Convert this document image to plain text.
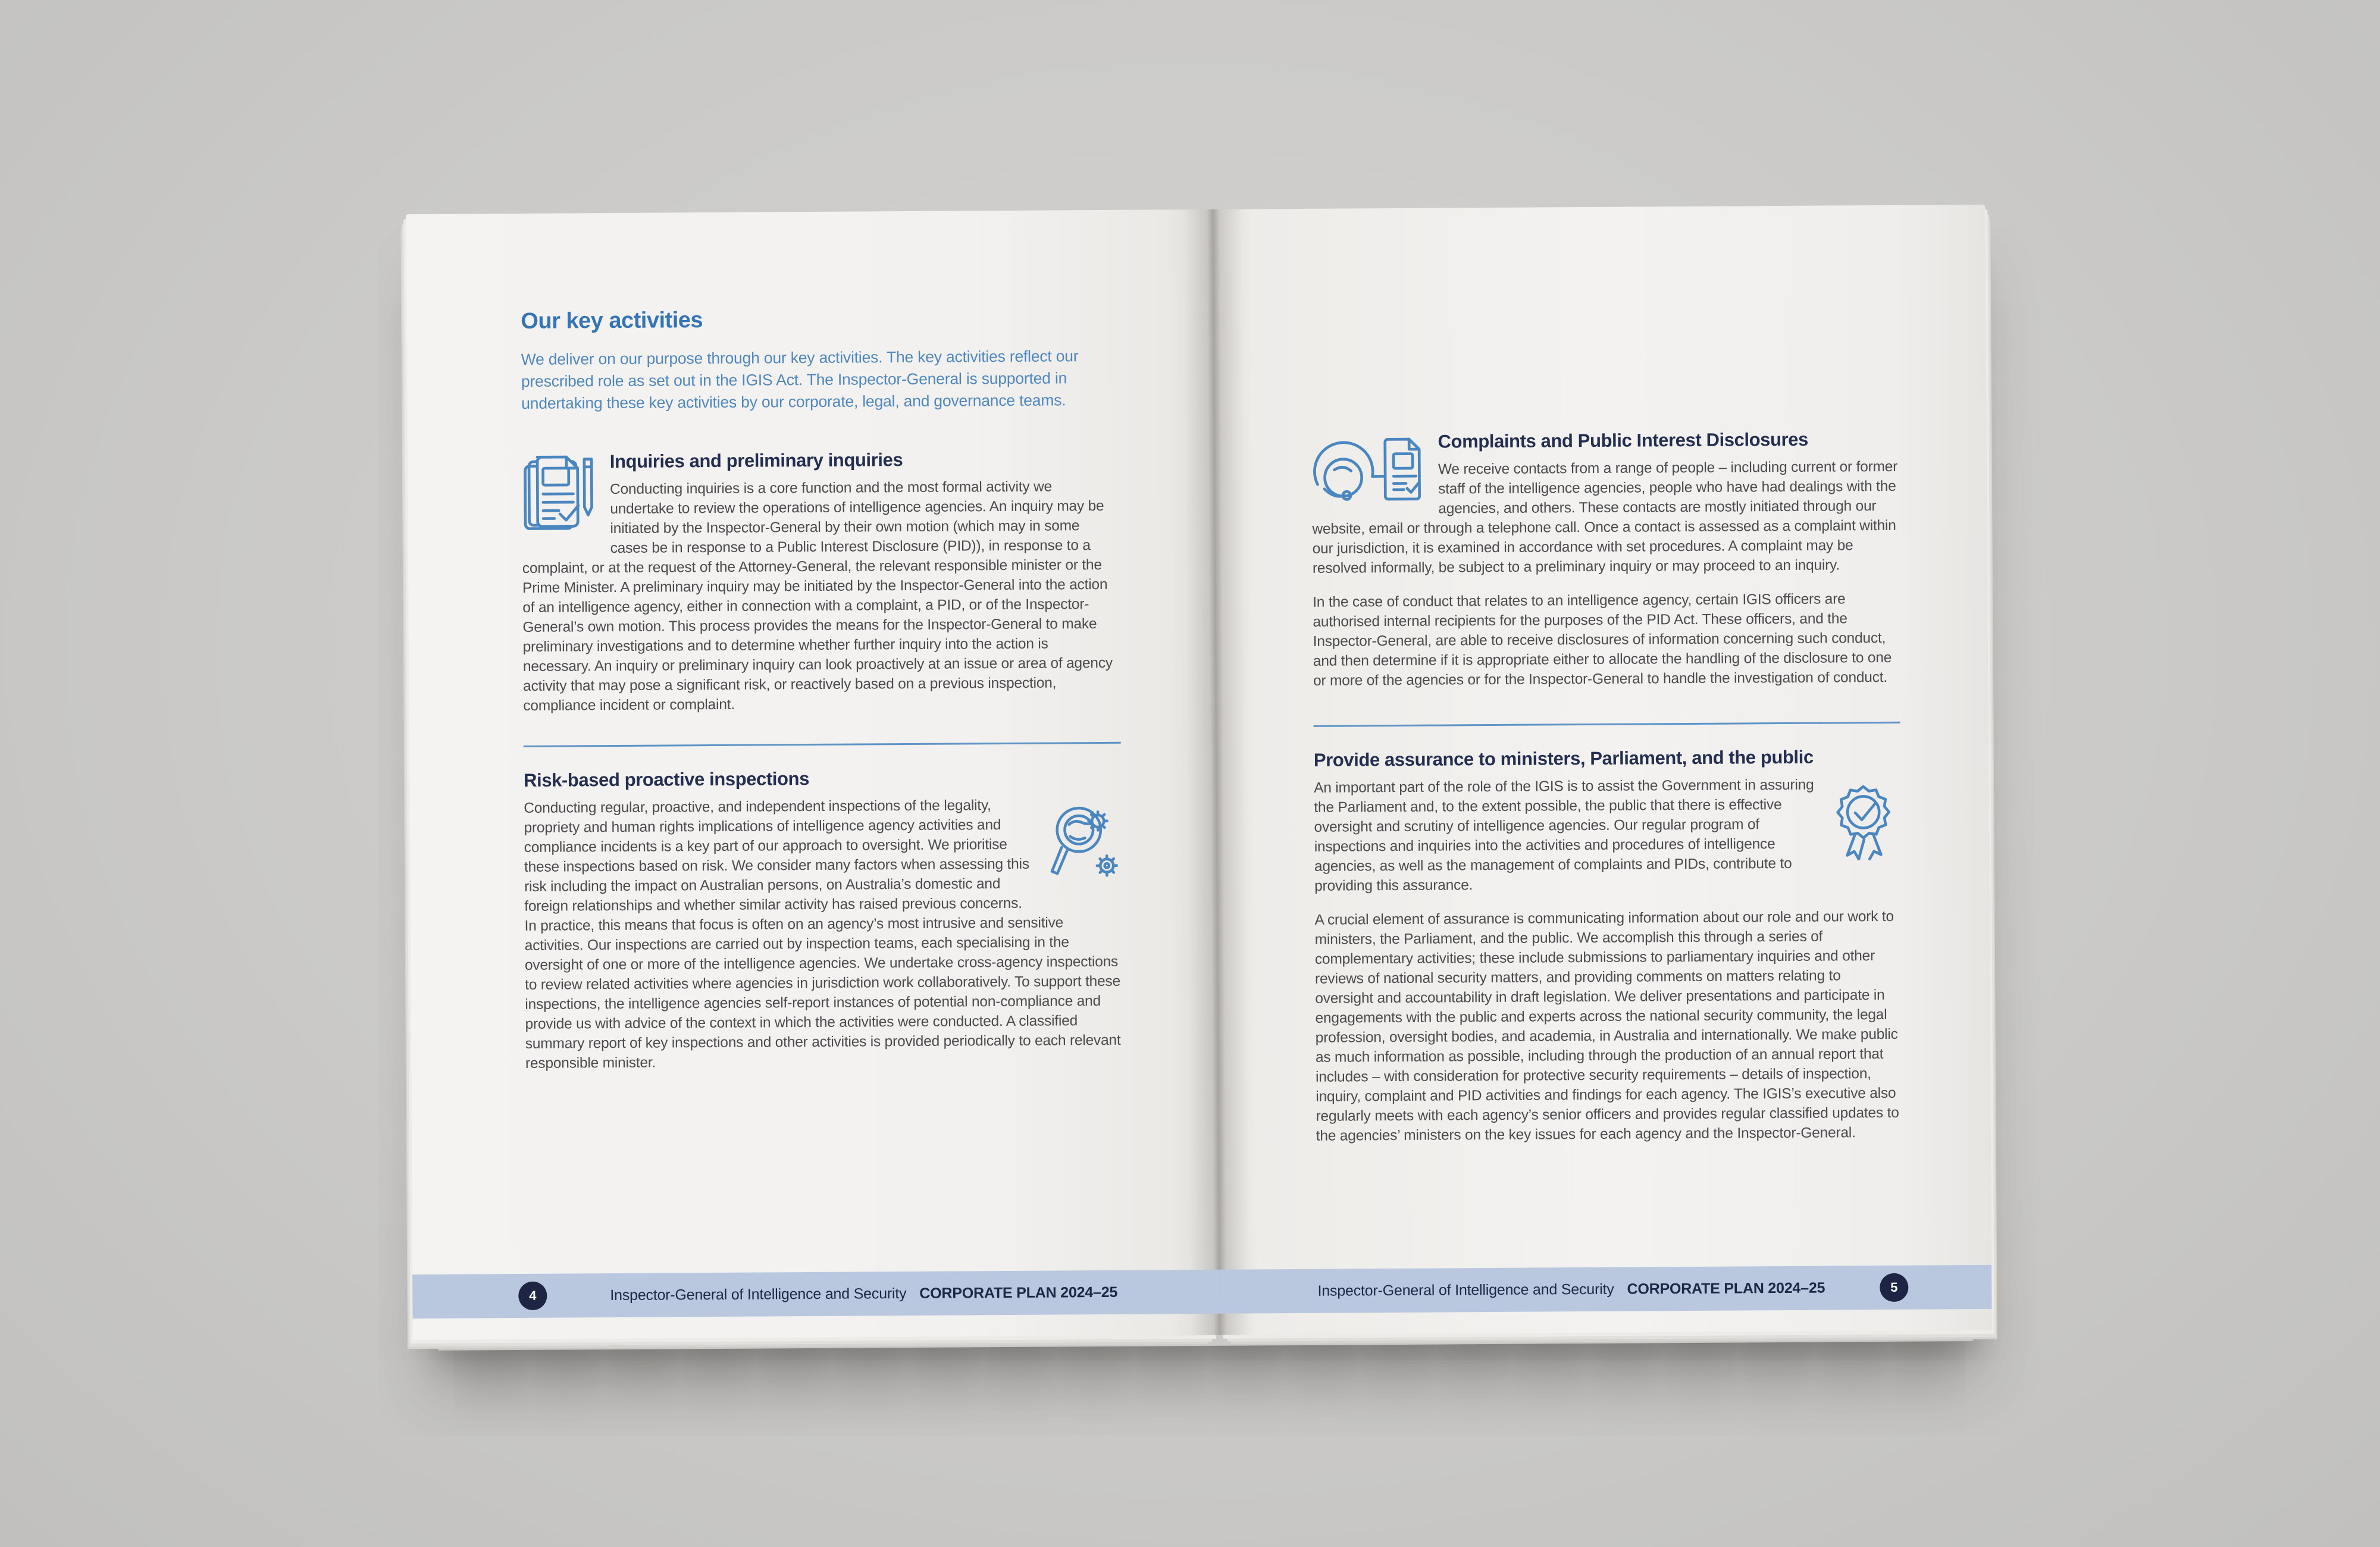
Our key activities

We deliver on our purpose through our key activities. The key activities reflect our prescribed role as set out in the IGIS Act. The Inspector-General is supported in undertaking these key activities by our corporate, legal, and governance teams.

Inquiries and preliminary inquiries

Conducting inquiries is a core function and the most formal activity we undertake to review the operations of intelligence agencies. An inquiry may be initiated by the Inspector-General by their own motion (which may in some cases be in response to a Public Interest Disclosure (PID)), in response to a complaint, or at the request of the Attorney-General, the relevant responsible minister or the Prime Minister. A preliminary inquiry may be initiated by the Inspector-General into the action of an intelligence agency, either in connection with a complaint, a PID, or of the Inspector-General’s own motion. This process provides the means for the Inspector-General to make preliminary investigations and to determine whether further inquiry into the action is necessary. An inquiry or preliminary inquiry can look proactively at an issue or area of agency activity that may pose a significant risk, or reactively based on a previous inspection, compliance incident or complaint.

Risk-based proactive inspections

Conducting regular, proactive, and independent inspections of the legality, propriety and human rights implications of intelligence agency activities and compliance incidents is a key part of our approach to oversight. We prioritise these inspections based on risk. We consider many factors when assessing this risk including the impact on Australian persons, on Australia’s domestic and foreign relationships and whether similar activity has raised previous concerns. In practice, this means that focus is often on an agency’s most intrusive and sensitive activities. Our inspections are carried out by inspection teams, each specialising in the oversight of one or more of the intelligence agencies. We undertake cross-agency inspections to review related activities where agencies in jurisdiction work collaboratively. To support these inspections, the intelligence agencies self-report instances of potential non-compliance and provide us with advice of the context in which the activities were conducted. A classified summary report of key inspections and other activities is provided periodically to each relevant responsible minister.

4	Inspector-General of Intelligence and Security CORPORATE PLAN 2024–25
Complaints and Public Interest Disclosures

We receive contacts from a range of people – including current or former staff of the intelligence agencies, people who have had dealings with the agencies, and others. These contacts are mostly initiated through our website, email or through a telephone call. Once a contact is assessed as a complaint within our jurisdiction, it is examined in accordance with set procedures. A complaint may be resolved informally, be subject to a preliminary inquiry or may proceed to an inquiry.

In the case of conduct that relates to an intelligence agency, certain IGIS officers are authorised internal recipients for the purposes of the PID Act. These officers, and the Inspector-General, are able to receive disclosures of information concerning such conduct, and then determine if it is appropriate either to allocate the handling of the disclosure to one or more of the agencies or for the Inspector-General to handle the investigation of conduct.

Provide assurance to ministers, Parliament, and the public

An important part of the role of the IGIS is to assist the Government in assuring the Parliament and, to the extent possible, the public that there is effective oversight and scrutiny of intelligence agencies. Our regular program of inspections and inquiries into the activities and procedures of intelligence agencies, as well as the management of complaints and PIDs, contribute to providing this assurance.

A crucial element of assurance is communicating information about our role and our work to ministers, the Parliament, and the public. We accomplish this through a series of complementary activities; these include submissions to parliamentary inquiries and other reviews of national security matters, and providing comments on matters relating to oversight and accountability in draft legislation. We deliver presentations and participate in engagements with the public and experts across the national security community, the legal profession, oversight bodies, and academia, in Australia and internationally. We make public as much information as possible, including through the production of an annual report that includes – with consideration for protective security requirements – details of inspection, inquiry, complaint and PID activities and findings for each agency. The IGIS’s executive also regularly meets with each agency’s senior officers and provides regular classified updates to the agencies’ ministers on the key issues for each agency and the Inspector-General.

Inspector-General of Intelligence and Security CORPORATE PLAN 2024–25	5
